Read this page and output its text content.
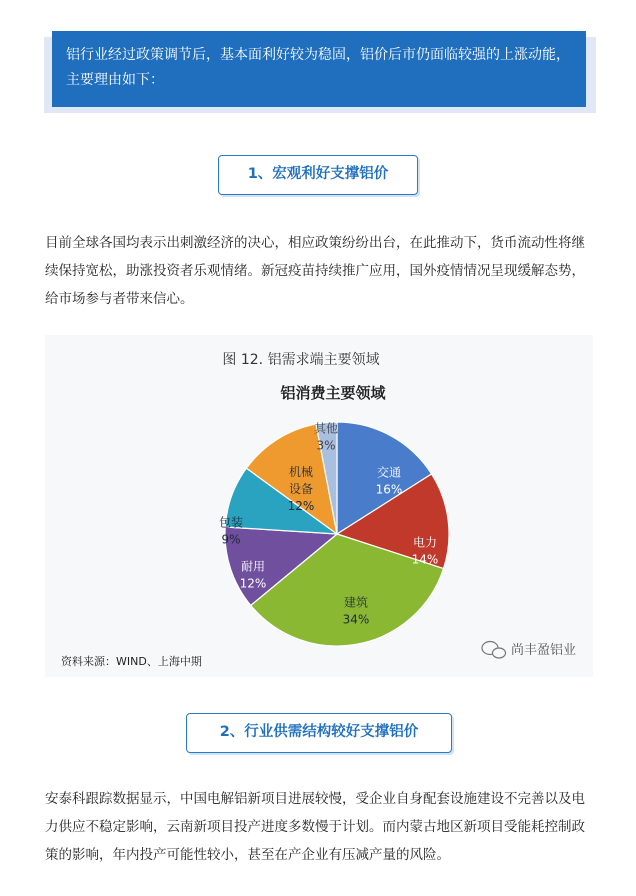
铝行业经过政策调节后，基本面利好较为稳固，铝价后市仍面临较强的上涨动能，主要理由如下：
1、宏观利好支撑铝价

目前全球各国均表示出刺激经济的决心，相应政策纷纷出台，在此推动下，货币流动性将继续保持宽松，助涨投资者乐观情绪。新冠疫苗持续推广应用，国外疫情情况呈现缓解态势，给市场参与者带来信心。

图 12. 铝需求端主要领域
铝消费主要领域
交通 16%
电力 14%
建筑 34%
耐用 12%
包装 9%
机械设备 12%
其他 3%
资料来源：WIND、上海中期
尚丰盈铝业
2、行业供需结构较好支撑铝价

安泰科跟踪数据显示，中国电解铝新项目进展较慢，受企业自身配套设施建设不完善以及电力供应不稳定影响，云南新项目投产进度多数慢于计划。而内蒙古地区新项目受能耗控制政策的影响，年内投产可能性较小，甚至在产企业有压减产量的风险。
